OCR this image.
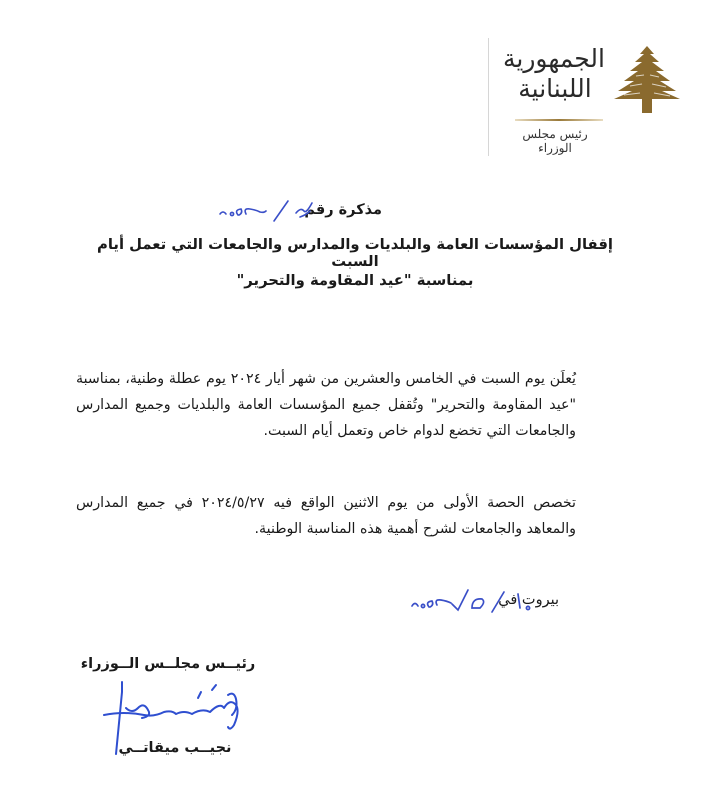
الجمهورية
اللبنانية
رئيس مجلس الوزراء
مذكرة رقم
إقفال المؤسسات العامة والبلديات والمدارس والجامعات التي تعمل أيام السبت
بمناسبة "عيد المقاومة والتحرير"
يُعلَن يوم السبت في الخامس والعشرين من شهر أيار ٢٠٢٤ يوم عطلة وطنية، بمناسبة "عيد المقاومة والتحرير" وتُقفل جميع المؤسسات العامة والبلديات وجميع المدارس والجامعات التي تخضع لدوام خاص وتعمل أيام السبت.
تخصص الحصة الأولى من يوم الاثنين الواقع فيه ٢٠٢٤/٥/٢٧ في جميع المدارس والمعاهد والجامعات لشرح أهمية هذه المناسبة الوطنية.
بيروت في
رئيــس مجلــس الــوزراء
نجيــب ميقاتــي
